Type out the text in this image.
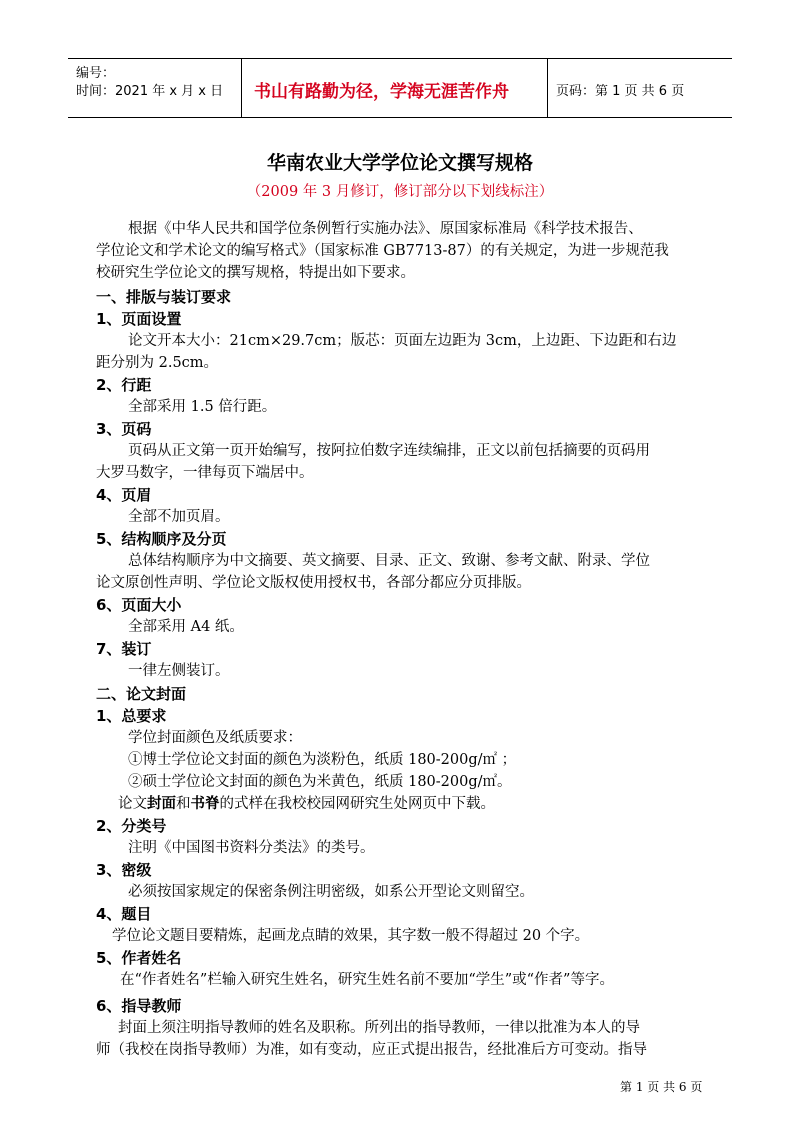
编号：
时间：2021 年 x 月 x 日 书山有路勤为径，学海无涯苦作舟	页码：第 1 页 共 6 页
华南农业大学学位论文撰写规格
（2009 年 3 月修订，修订部分以下划线标注）
根据《中华人民共和国学位条例暂行实施办法》、原国家标准局《科学技术报告、
学位论文和学术论文的编写格式》（国家标准 GB7713-87）的有关规定，为进一步规范我
校研究生学位论文的撰写规格，特提出如下要求。
一、排版与装订要求
1、页面设置
论文开本大小：21cm×29.7cm；版芯：页面左边距为 3cm，上边距、下边距和右边
距分别为 2.5cm。
2、行距
全部采用 1.5 倍行距。
3、页码
页码从正文第一页开始编写，按阿拉伯数字连续编排，正文以前包括摘要的页码用
大罗马数字，一律每页下端居中。
4、页眉
全部不加页眉。
5、结构顺序及分页
总体结构顺序为中文摘要、英文摘要、目录、正文、致谢、参考文献、附录、学位
论文原创性声明、学位论文版权使用授权书，各部分都应分页排版。
6、页面大小
全部采用 A4 纸。
7、装订
一律左侧装订。
二、论文封面
1、总要求
学位封面颜色及纸质要求：
①博士学位论文封面的颜色为淡粉色，纸质 180-200g/㎡ ；
②硕士学位论文封面的颜色为米黄色，纸质 180-200g/㎡。
论文封面和书脊的式样在我校校园网研究生处网页中下载。
2、分类号
注明《中国图书资料分类法》的类号。
3、密级
必须按国家规定的保密条例注明密级，如系公开型论文则留空。
4、题目
学位论文题目要精炼，起画龙点睛的效果，其字数一般不得超过 20 个字。
5、作者姓名
在“作者姓名”栏输入研究生姓名，研究生姓名前不要加“学生”或“作者”等字。
6、指导教师
封面上须注明指导教师的姓名及职称。所列出的指导教师，一律以批准为本人的导
师（我校在岗指导教师）为准，如有变动，应正式提出报告，经批准后方可变动。指导
第 1 页 共 6 页
